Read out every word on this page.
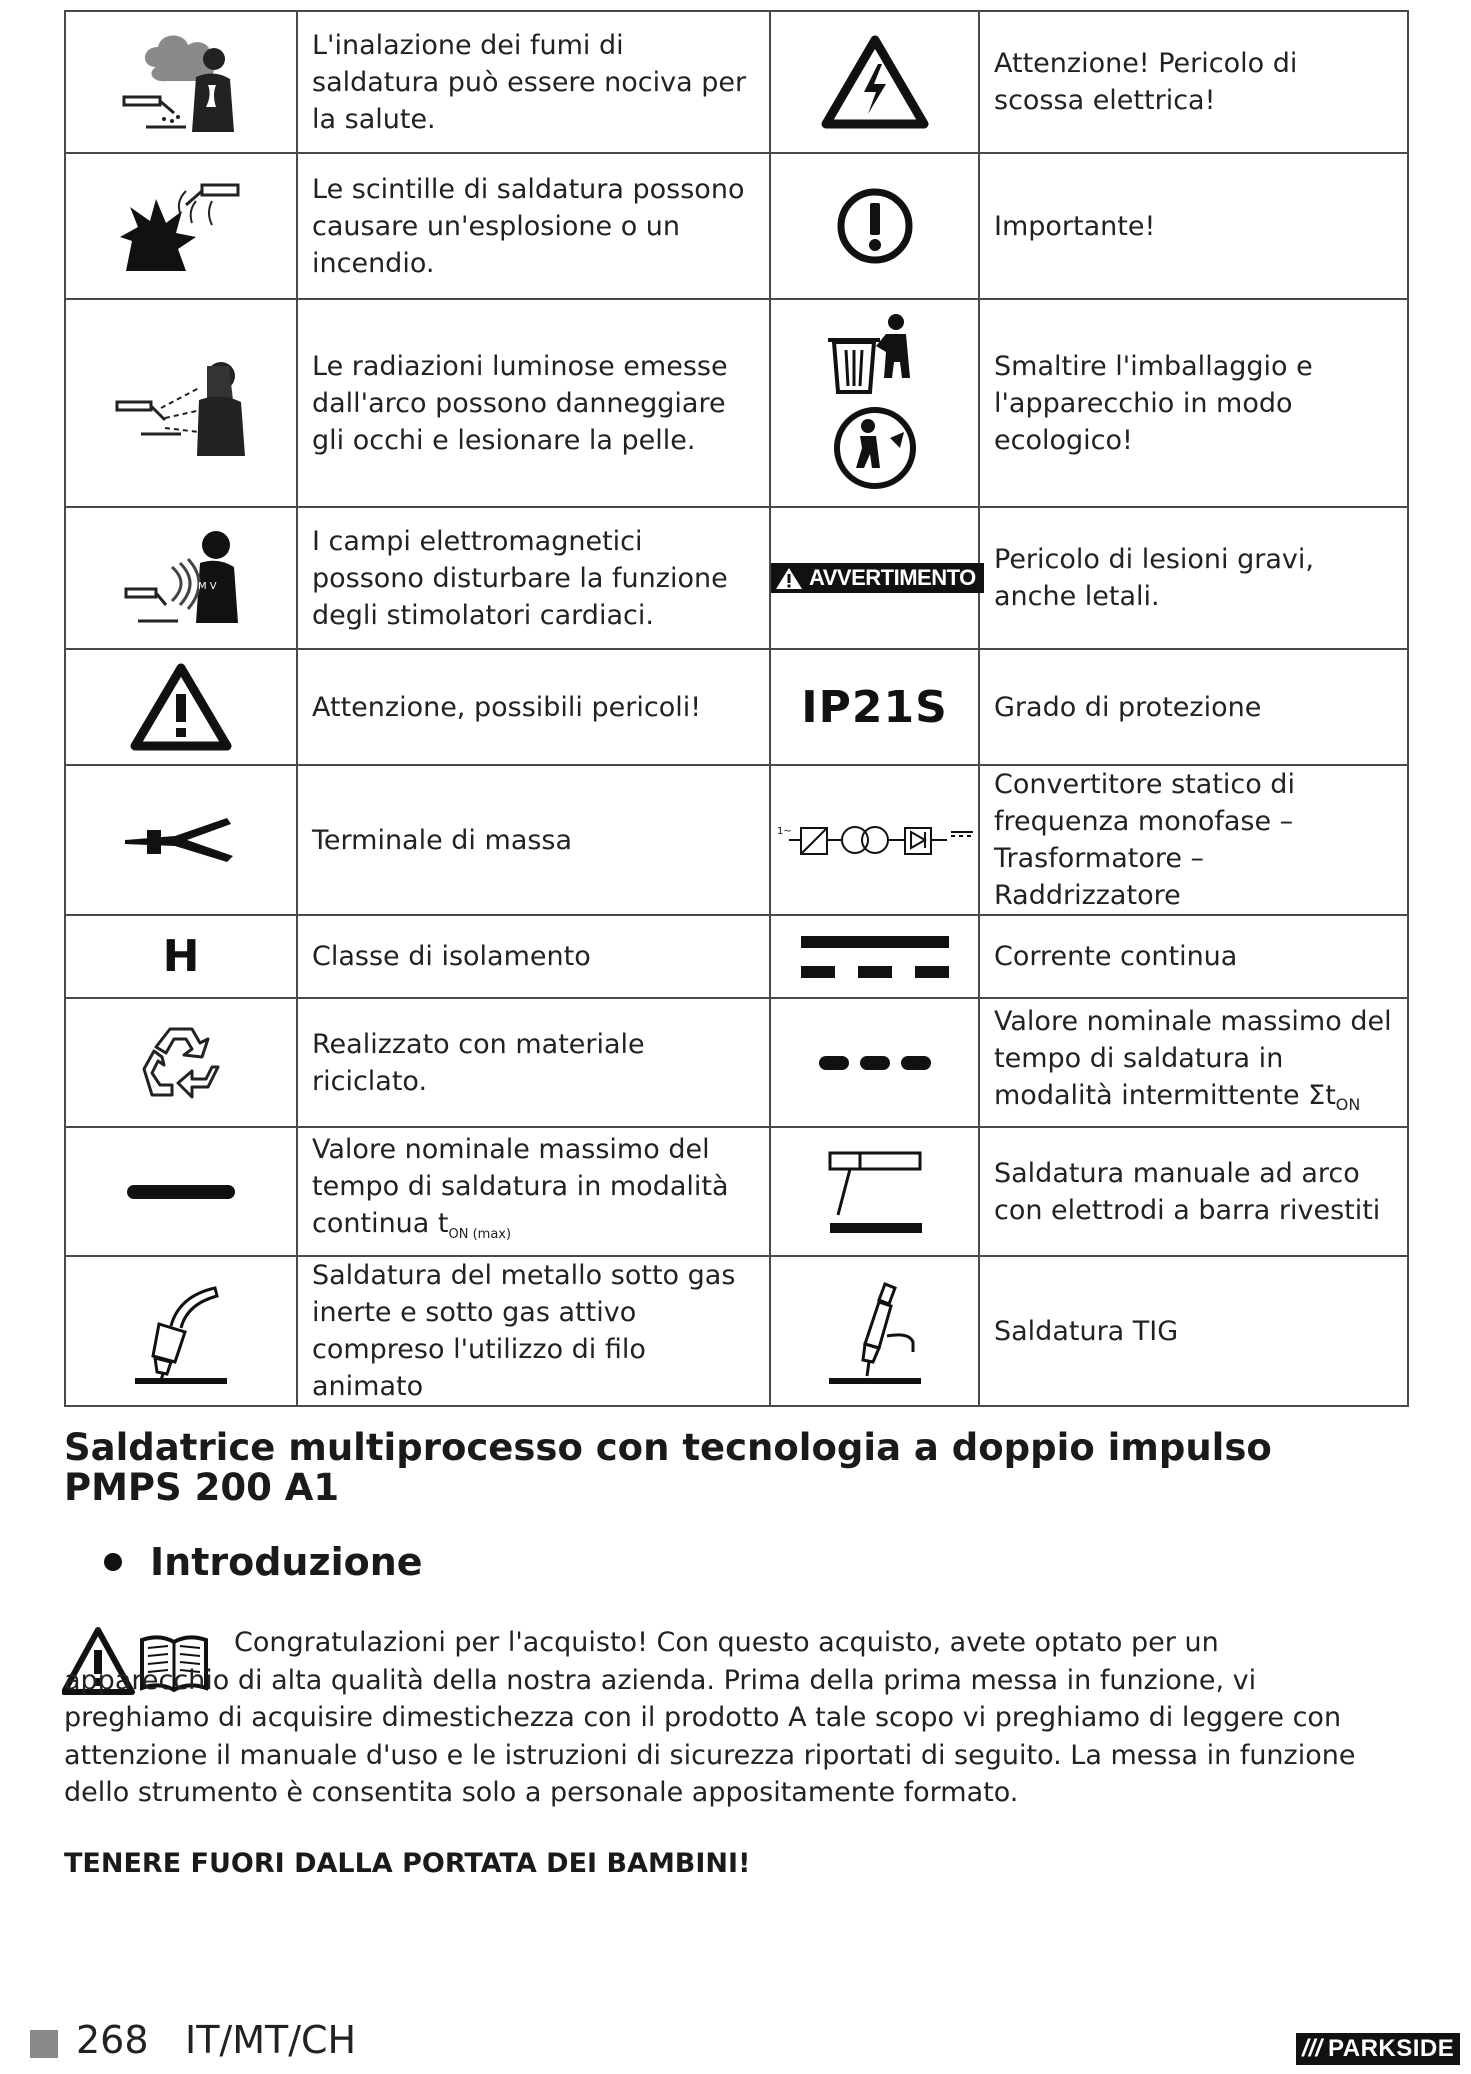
	L'inalazione dei fumi di saldatura può essere nociva per la salute.		Attenzione! Pericolo di scossa elettrica!

	Le scintille di saldatura possono causare un'esplosione o un incendio.		Importante!

	Le radiazioni luminose emesse dall'arco possono danneggiare gli occhi e lesionare la pelle.		Smaltire l'imballaggio e l'apparecchio in modo ecologico!

M V	I campi elettromagnetici possono disturbare la funzione degli stimolatori cardiaci.	AVVERTIMENTO	Pericolo di lesioni gravi, anche letali.

	Attenzione, possibili pericoli!	IP21S	Grado di protezione

	Terminale di massa	1~	Convertitore statico di frequenza monofase – Trasformatore – Raddrizzatore
H	Classe di isolamento		Corrente continua

	Realizzato con materiale riciclato.		Valore nominale massimo del tempo di saldatura in modalità intermittente $\Sigma t_{ON}$

	Valore nominale massimo del tempo di saldatura in modalità continua $t_{ON (max)}$		Saldatura manuale ad arco con elettrodi a barra rivestiti

	Saldatura del metallo sotto gas inerte e sotto gas attivo compreso l'utilizzo di filo animato		Saldatura TIG
Saldatrice multiprocesso con tecnologia a doppio impulso
PMPS 200 A1
Introduzione

Congratulazioni per l'acquisto! Con questo acquisto, avete optato per un apparecchio di alta qualità della nostra azienda. Prima della prima messa in funzione, vi preghiamo di acquisire dimestichezza con il prodotto A tale scopo vi preghiamo di leggere con attenzione il manuale d'uso e le istruzioni di sicurezza riportati di seguito. La messa in funzione dello strumento è consentita solo a personale appositamente formato.

TENERE FUORI DALLA PORTATA DEI BAMBINI!

268 IT/MT/CH	/// PARKSIDE
